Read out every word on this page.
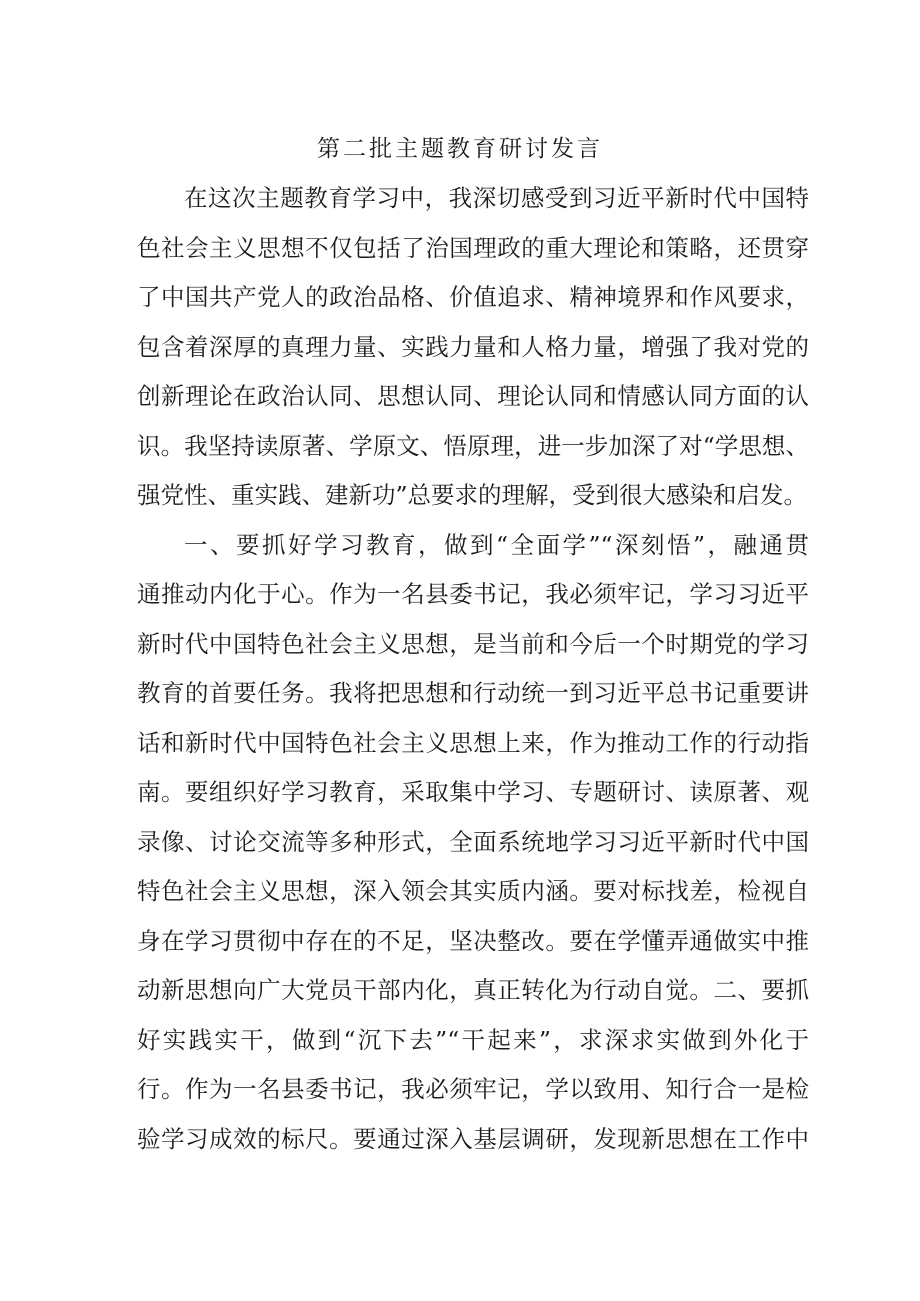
第二批主题教育研讨发言
在这次主题教育学习中，我深切感受到习近平新时代中国特
色社会主义思想不仅包括了治国理政的重大理论和策略，还贯穿
了中国共产党人的政治品格、价值追求、精神境界和作风要求，
包含着深厚的真理力量、实践力量和人格力量，增强了我对党的
创新理论在政治认同、思想认同、理论认同和情感认同方面的认
识。我坚持读原著、学原文、悟原理，进一步加深了对“学思想、
强党性、重实践、建新功”总要求的理解，受到很大感染和启发。
一、要抓好学习教育，做到“全面学”“深刻悟”，融通贯
通推动内化于心。作为一名县委书记，我必须牢记，学习习近平
新时代中国特色社会主义思想，是当前和今后一个时期党的学习
教育的首要任务。我将把思想和行动统一到习近平总书记重要讲
话和新时代中国特色社会主义思想上来，作为推动工作的行动指
南。要组织好学习教育，采取集中学习、专题研讨、读原著、观
录像、讨论交流等多种形式，全面系统地学习习近平新时代中国
特色社会主义思想，深入领会其实质内涵。要对标找差，检视自
身在学习贯彻中存在的不足，坚决整改。要在学懂弄通做实中推
动新思想向广大党员干部内化，真正转化为行动自觉。二、要抓
好实践实干，做到“沉下去”“干起来”，求深求实做到外化于
行。作为一名县委书记，我必须牢记，学以致用、知行合一是检
验学习成效的标尺。要通过深入基层调研，发现新思想在工作中
